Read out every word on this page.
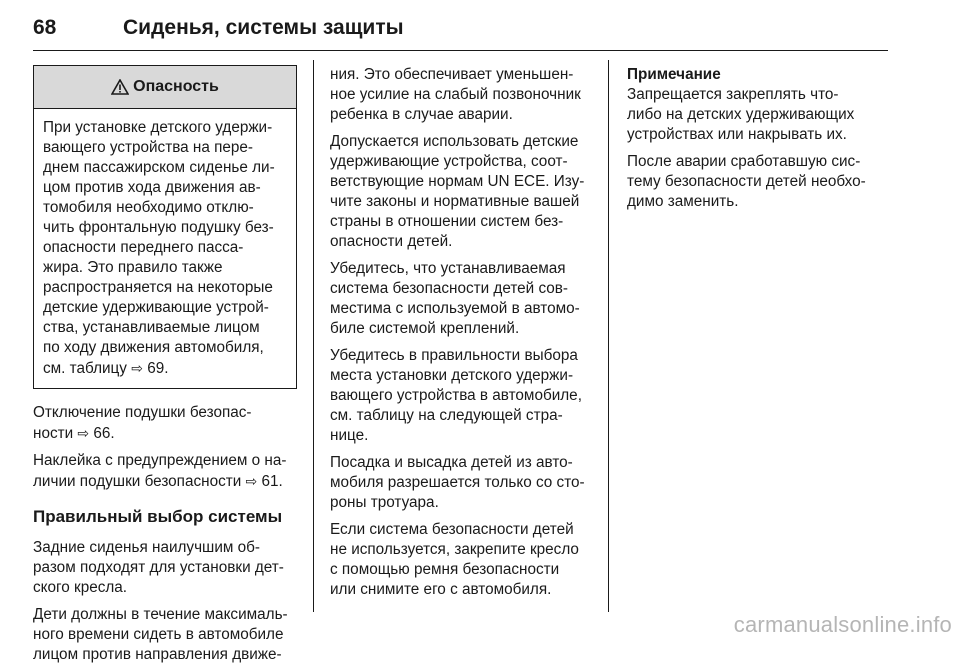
68	Сиденья, системы защиты
Опасность
При установке детского удержи-
вающего устройства на пере-
днем пассажирском сиденье ли-
цом против хода движения ав-
томобиля необходимо отклю-
чить фронтальную подушку без-
опасности переднего пасса-
жира. Это правило также
распространяется на некоторые
детские удерживающие устрой-
ства, устанавливаемые лицом
по ходу движения автомобиля,
см. таблицу ⇨ 69.

Отключение подушки безопас-
ности ⇨ 66.

Наклейка с предупреждением о на-
личии подушки безопасности ⇨ 61.

Правильный выбор системы

Задние сиденья наилучшим об-
разом подходят для установки дет-
ского кресла.

Дети должны в течение максималь-
ного времени сидеть в автомобиле
лицом против направления движе-

ния. Это обеспечивает уменьшен-
ное усилие на слабый позвоночник
ребенка в случае аварии.

Допускается использовать детские
удерживающие устройства, соот-
ветствующие нормам UN ECE. Изу-
чите законы и нормативные вашей
страны в отношении систем без-
опасности детей.

Убедитесь, что устанавливаемая
система безопасности детей сов-
местима с используемой в автомо-
биле системой креплений.

Убедитесь в правильности выбора
места установки детского удержи-
вающего устройства в автомобиле,
см. таблицу на следующей стра-
нице.

Посадка и высадка детей из авто-
мобиля разрешается только со сто-
роны тротуара.

Если система безопасности детей
не используется, закрепите кресло
с помощью ремня безопасности
или снимите его с автомобиля.

Примечание

Запрещается закреплять что-
либо на детских удерживающих
устройствах или накрывать их.

После аварии сработавшую сис-
тему безопасности детей необхо-
димо заменить.

carmanualsonline.info
